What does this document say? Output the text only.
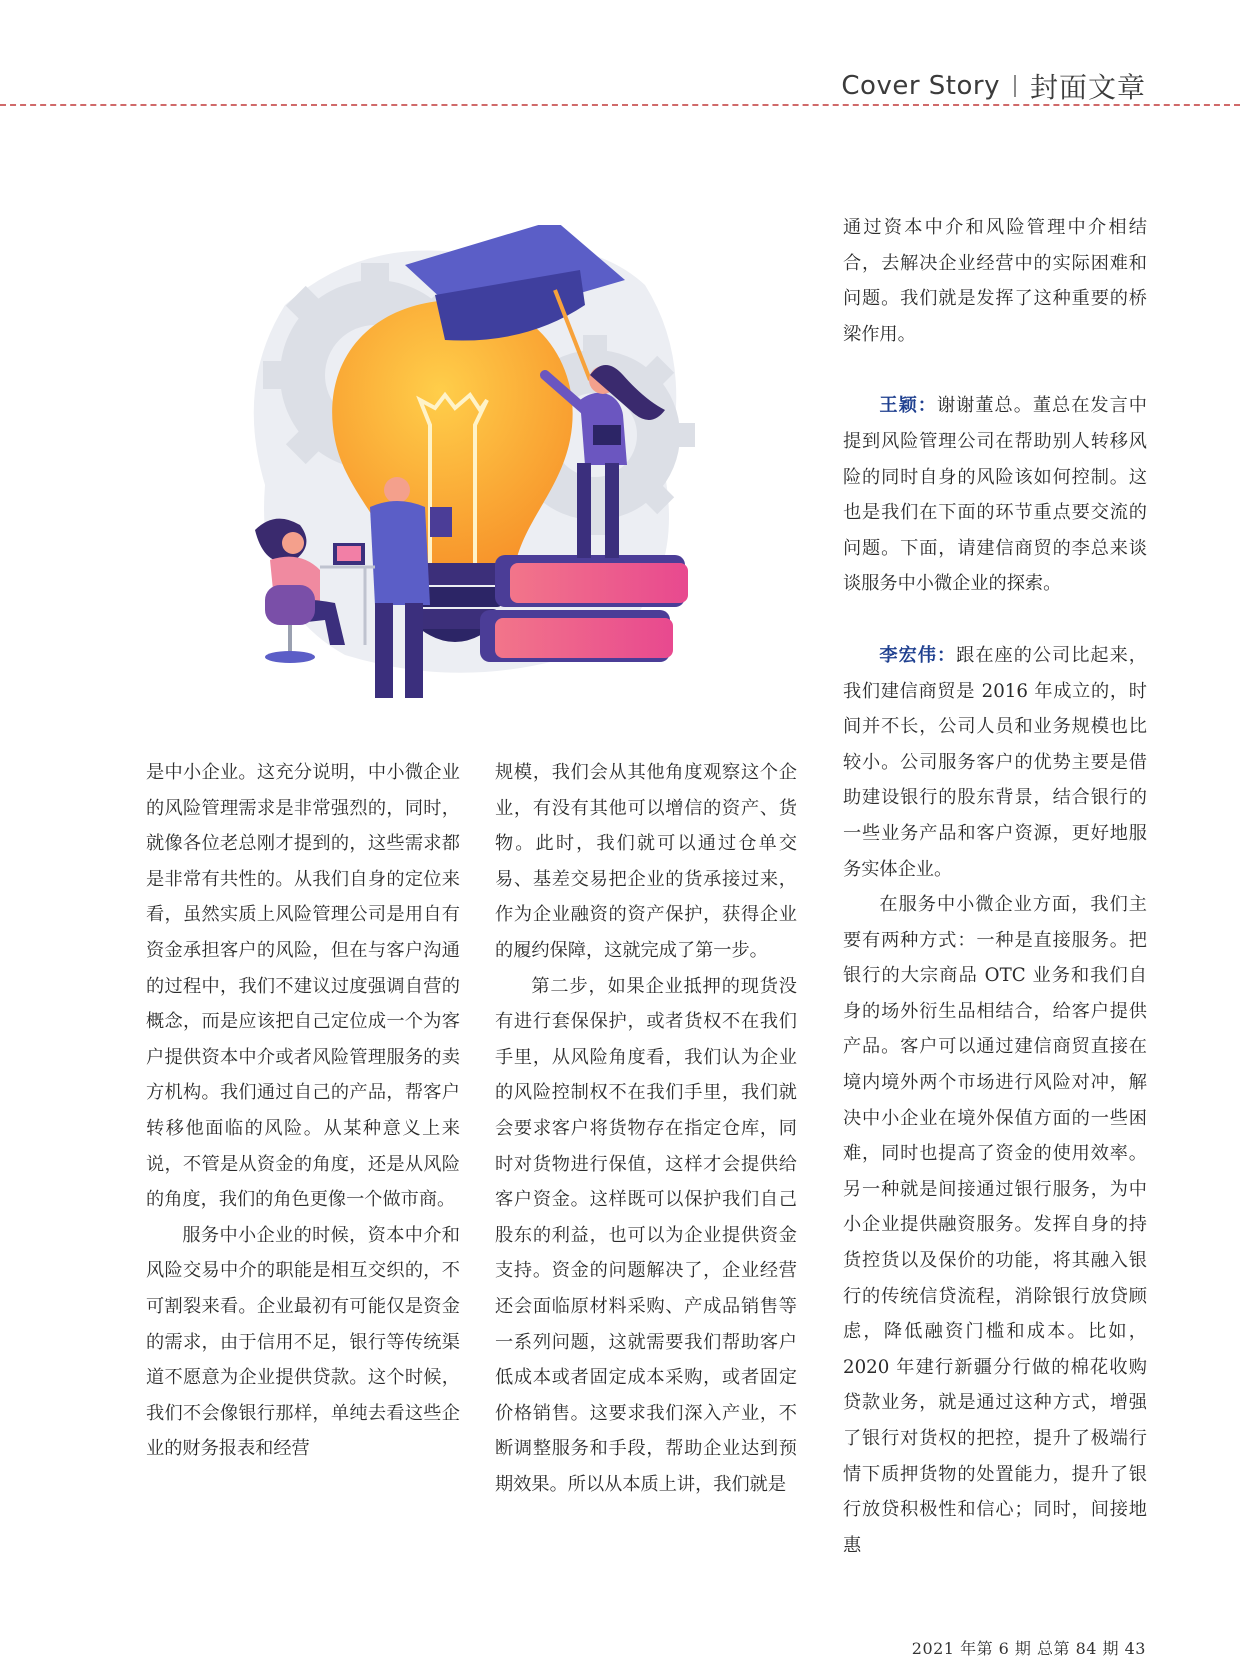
Cover Story 封面文章

是中小企业。这充分说明，中小微企业的风险管理需求是非常强烈的，同时，就像各位老总刚才提到的，这些需求都是非常有共性的。从我们自身的定位来看，虽然实质上风险管理公司是用自有资金承担客户的风险，但在与客户沟通的过程中，我们不建议过度强调自营的概念，而是应该把自己定位成一个为客户提供资本中介或者风险管理服务的卖方机构。我们通过自己的产品，帮客户转移他面临的风险。从某种意义上来说，不管是从资金的角度，还是从风险的角度，我们的角色更像一个做市商。

服务中小企业的时候，资本中介和风险交易中介的职能是相互交织的，不可割裂来看。企业最初有可能仅是资金的需求，由于信用不足，银行等传统渠道不愿意为企业提供贷款。这个时候，我们不会像银行那样，单纯去看这些企业的财务报表和经营

规模，我们会从其他角度观察这个企业，有没有其他可以增信的资产、货物。此时，我们就可以通过仓单交易、基差交易把企业的货承接过来，作为企业融资的资产保护，获得企业的履约保障，这就完成了第一步。

第二步，如果企业抵押的现货没有进行套保保护，或者货权不在我们手里，从风险角度看，我们认为企业的风险控制权不在我们手里，我们就会要求客户将货物存在指定仓库，同时对货物进行保值，这样才会提供给客户资金。这样既可以保护我们自己股东的利益，也可以为企业提供资金支持。资金的问题解决了，企业经营还会面临原材料采购、产成品销售等一系列问题，这就需要我们帮助客户低成本或者固定成本采购，或者固定价格销售。这要求我们深入产业，不断调整服务和手段，帮助企业达到预期效果。所以从本质上讲，我们就是

通过资本中介和风险管理中介相结合，去解决企业经营中的实际困难和问题。我们就是发挥了这种重要的桥梁作用。

王颖：谢谢董总。董总在发言中提到风险管理公司在帮助别人转移风险的同时自身的风险该如何控制。这也是我们在下面的环节重点要交流的问题。下面，请建信商贸的李总来谈谈服务中小微企业的探索。

李宏伟：跟在座的公司比起来，我们建信商贸是 2016 年成立的，时间并不长，公司人员和业务规模也比较小。公司服务客户的优势主要是借助建设银行的股东背景，结合银行的一些业务产品和客户资源，更好地服务实体企业。

在服务中小微企业方面，我们主要有两种方式：一种是直接服务。把银行的大宗商品 OTC 业务和我们自身的场外衍生品相结合，给客户提供产品。客户可以通过建信商贸直接在境内境外两个市场进行风险对冲，解决中小企业在境外保值方面的一些困难，同时也提高了资金的使用效率。另一种就是间接通过银行服务，为中小企业提供融资服务。发挥自身的持货控货以及保价的功能，将其融入银行的传统信贷流程，消除银行放贷顾虑，降低融资门槛和成本。比如，2020 年建行新疆分行做的棉花收购贷款业务，就是通过这种方式，增强了银行对货权的把控，提升了极端行情下质押货物的处置能力，提升了银行放贷积极性和信心；同时，间接地惠

2021 年第 6 期 总第 84 期 43
